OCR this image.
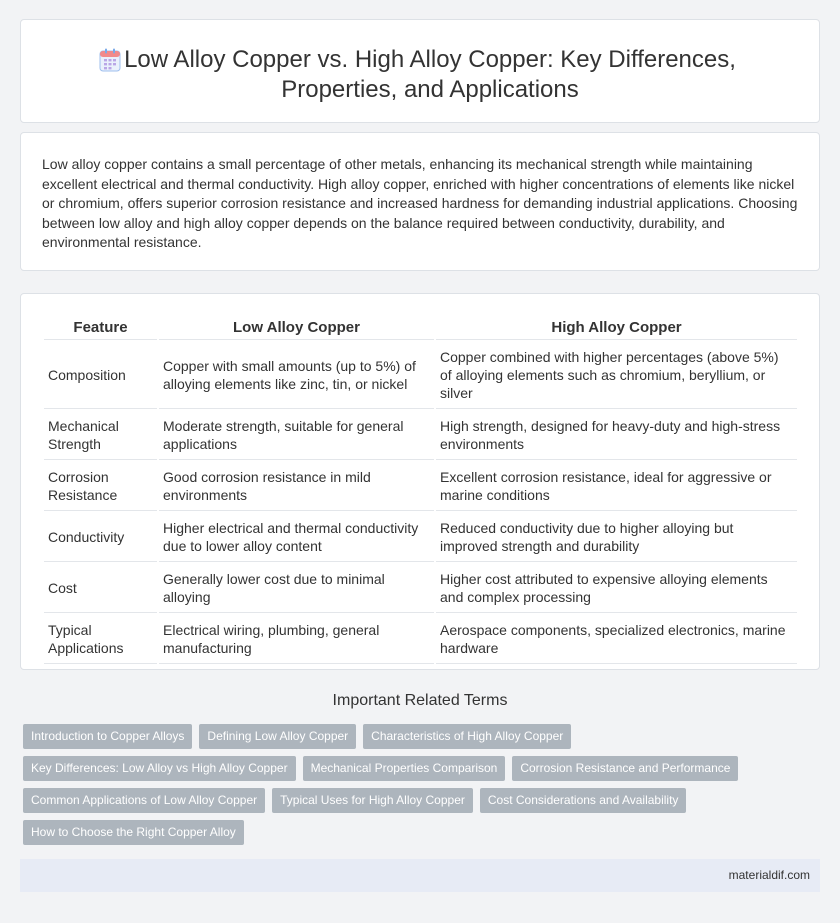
Low Alloy Copper vs. High Alloy Copper: Key Differences, Properties, and Applications

Low alloy copper contains a small percentage of other metals, enhancing its mechanical strength while maintaining excellent electrical and thermal conductivity. High alloy copper, enriched with higher concentrations of elements like nickel or chromium, offers superior corrosion resistance and increased hardness for demanding industrial applications. Choosing between low alloy and high alloy copper depends on the balance required between conductivity, durability, and environmental resistance.

Feature	Low Alloy Copper	High Alloy Copper
Composition	Copper with small amounts (up to 5%) of alloying elements like zinc, tin, or nickel	Copper combined with higher percentages (above 5%) of alloying elements such as chromium, beryllium, or silver
Mechanical Strength	Moderate strength, suitable for general applications	High strength, designed for heavy-duty and high-stress environments
Corrosion Resistance	Good corrosion resistance in mild environments	Excellent corrosion resistance, ideal for aggressive or marine conditions
Conductivity	Higher electrical and thermal conductivity due to lower alloy content	Reduced conductivity due to higher alloying but improved strength and durability
Cost	Generally lower cost due to minimal alloying	Higher cost attributed to expensive alloying elements and complex processing
Typical Applications	Electrical wiring, plumbing, general manufacturing	Aerospace components, specialized electronics, marine hardware
Important Related Terms
Introduction to Copper Alloys	Defining Low Alloy Copper	Characteristics of High Alloy Copper
Key Differences: Low Alloy vs High Alloy Copper	Mechanical Properties Comparison	Corrosion Resistance and Performance
Common Applications of Low Alloy Copper	Typical Uses for High Alloy Copper	Cost Considerations and Availability
How to Choose the Right Copper Alloy
materialdif.com
